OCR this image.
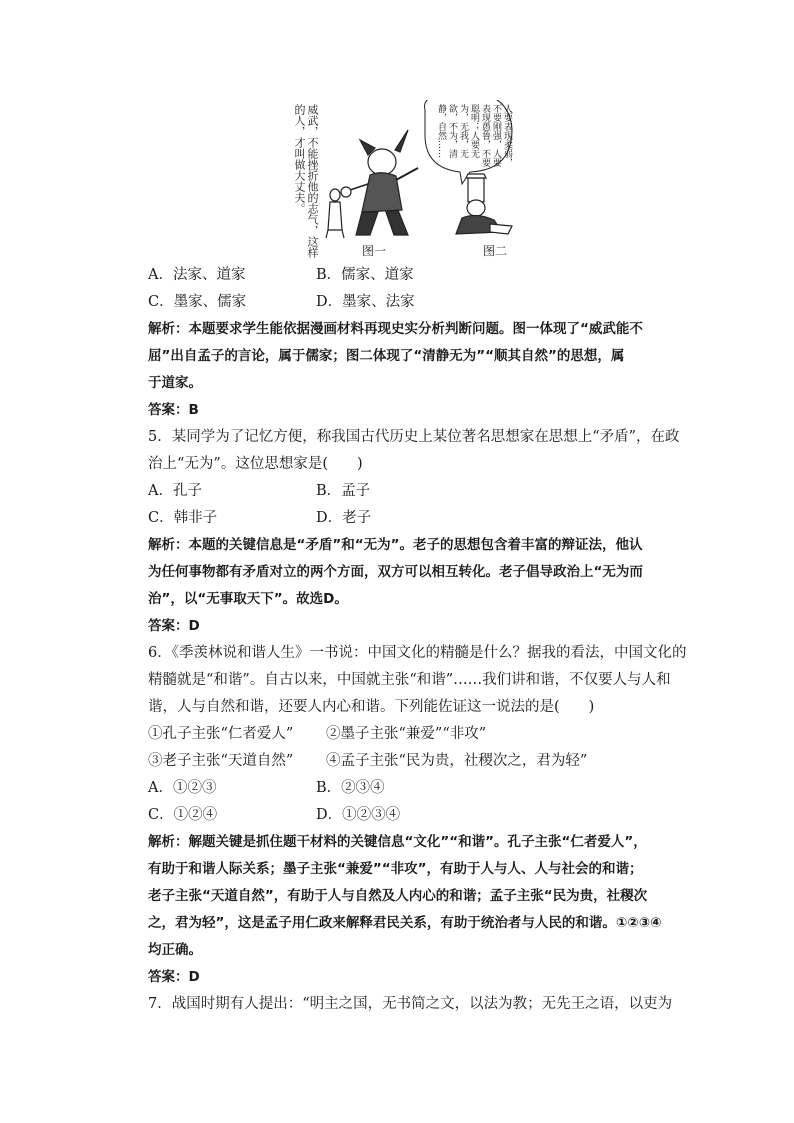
威武，不能挫折他的志气，这样的人，才叫做大丈夫。	人要表现柔弱，不要刚强，人要表现愚鲁，不要聪明；人要无为，无我，无欲，不为，清静，自然……
图一	图二
A．法家、道家	B．儒家、道家
C．墨家、儒家	D．墨家、法家
解析：本题要求学生能依据漫画材料再现史实分析判断问题。图一体现了“威武能不
屈”出自孟子的言论，属于儒家；图二体现了“清静无为”“顺其自然”的思想，属
于道家。
答案：B
5．某同学为了记忆方便，称我国古代历史上某位著名思想家在思想上“矛盾”，在政
治上“无为”。这位思想家是(　　)
A．孔子	B．孟子
C．韩非子	D．老子
解析：本题的关键信息是“矛盾”和“无为”。老子的思想包含着丰富的辩证法，他认
为任何事物都有矛盾对立的两个方面，双方可以相互转化。老子倡导政治上“无为而
治”，以“无事取天下”。故选D。
答案：D
6．《季羡林说和谐人生》一书说：中国文化的精髓是什么？据我的看法，中国文化的
精髓就是“和谐”。自古以来，中国就主张“和谐”……我们讲和谐，不仅要人与人和
谐，人与自然和谐，还要人内心和谐。下列能佐证这一说法的是(　　)
①孔子主张“仁者爱人”	②墨子主张“兼爱”“非攻”
③老子主张“天道自然”	④孟子主张“民为贵，社稷次之，君为轻”
A．①②③	B．②③④
C．①②④	D．①②③④
解析：解题关键是抓住题干材料的关键信息“文化”“和谐”。孔子主张“仁者爱人”，
有助于和谐人际关系；墨子主张“兼爱”“非攻”，有助于人与人、人与社会的和谐；
老子主张“天道自然”，有助于人与自然及人内心的和谐；孟子主张“民为贵，社稷次
之，君为轻”，这是孟子用仁政来解释君民关系，有助于统治者与人民的和谐。①②③④
均正确。
答案：D
7．战国时期有人提出：“明主之国，无书简之文，以法为教；无先王之语，以吏为
